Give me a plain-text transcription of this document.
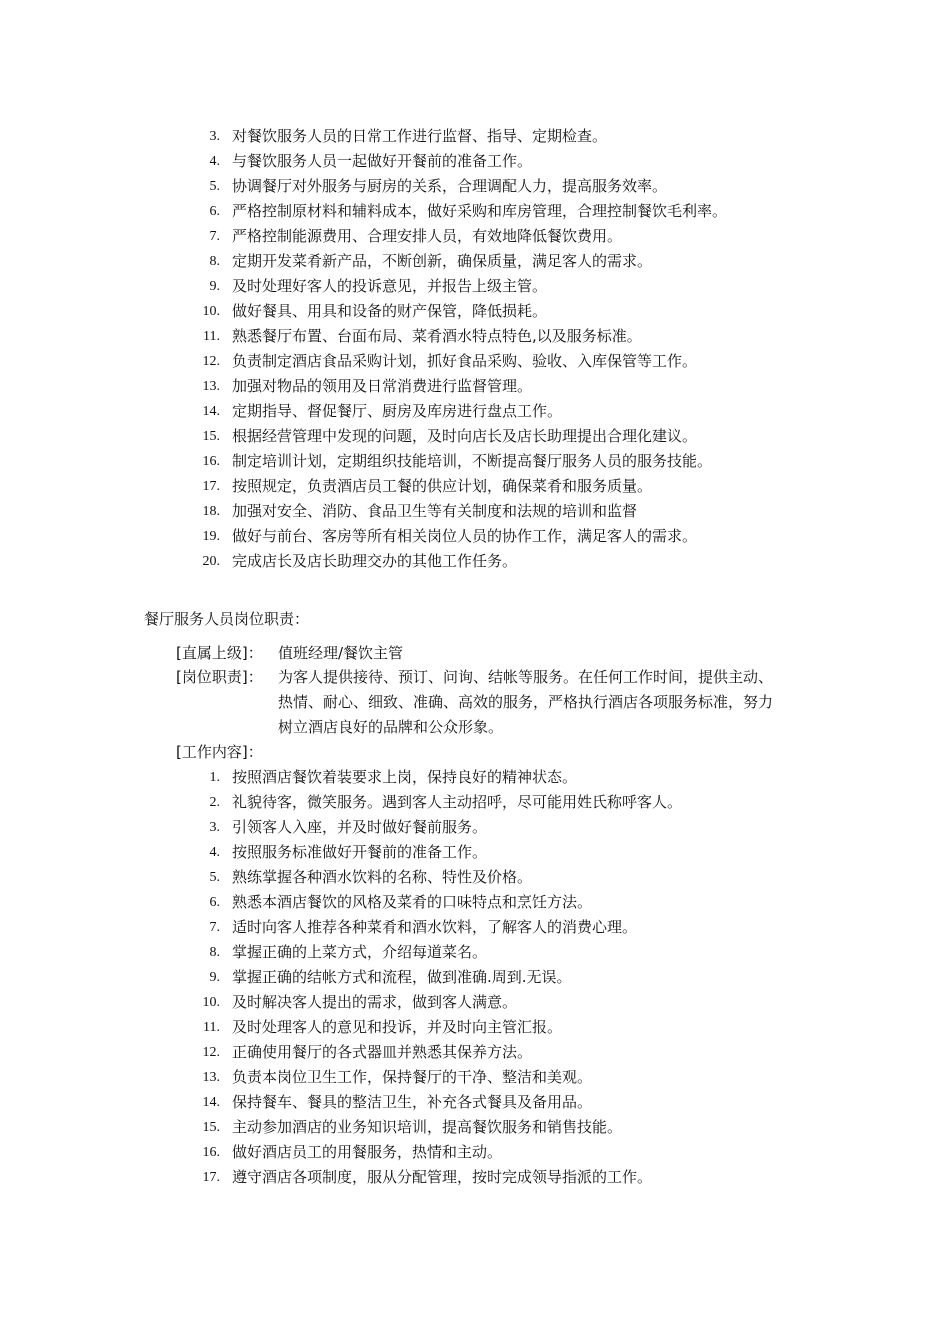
3. 对餐饮服务人员的日常工作进行监督、指导、定期检查。
4. 与餐饮服务人员一起做好开餐前的准备工作。
5. 协调餐厅对外服务与厨房的关系，合理调配人力，提高服务效率。
6. 严格控制原材料和辅料成本，做好采购和库房管理，合理控制餐饮毛利率。
7. 严格控制能源费用、合理安排人员，有效地降低餐饮费用。
8. 定期开发菜肴新产品，不断创新，确保质量，满足客人的需求。
9. 及时处理好客人的投诉意见，并报告上级主管。
10. 做好餐具、用具和设备的财产保管，降低损耗。
11. 熟悉餐厅布置、台面布局、菜肴酒水特点特色,以及服务标准。
12. 负责制定酒店食品采购计划，抓好食品采购、验收、入库保管等工作。
13. 加强对物品的领用及日常消费进行监督管理。
14. 定期指导、督促餐厅、厨房及库房进行盘点工作。
15. 根据经营管理中发现的问题，及时向店长及店长助理提出合理化建议。
16. 制定培训计划，定期组织技能培训，不断提高餐厅服务人员的服务技能。
17. 按照规定，负责酒店员工餐的供应计划，确保菜肴和服务质量。
18. 加强对安全、消防、食品卫生等有关制度和法规的培训和监督
19. 做好与前台、客房等所有相关岗位人员的协作工作，满足客人的需求。
20. 完成店长及店长助理交办的其他工作任务。
餐厅服务人员岗位职责：
[直属上级]： 值班经理/餐饮主管
[岗位职责]： 为客人提供接待、预订、问询、结帐等服务。在任何工作时间，提供主动、
热情、耐心、细致、准确、高效的服务，严格执行酒店各项服务标准，努力
树立酒店良好的品牌和公众形象。
[工作内容]：
1. 按照酒店餐饮着装要求上岗，保持良好的精神状态。
2. 礼貌待客，微笑服务。遇到客人主动招呼，尽可能用姓氏称呼客人。
3. 引领客人入座，并及时做好餐前服务。
4. 按照服务标准做好开餐前的准备工作。
5. 熟练掌握各种酒水饮料的名称、特性及价格。
6. 熟悉本酒店餐饮的风格及菜肴的口味特点和烹饪方法。
7. 适时向客人推荐各种菜肴和酒水饮料，了解客人的消费心理。
8. 掌握正确的上菜方式，介绍每道菜名。
9. 掌握正确的结帐方式和流程，做到准确.周到.无误。
10. 及时解决客人提出的需求，做到客人满意。
11. 及时处理客人的意见和投诉，并及时向主管汇报。
12. 正确使用餐厅的各式器皿并熟悉其保养方法。
13. 负责本岗位卫生工作，保持餐厅的干净、整洁和美观。
14. 保持餐车、餐具的整洁卫生，补充各式餐具及备用品。
15. 主动参加酒店的业务知识培训，提高餐饮服务和销售技能。
16. 做好酒店员工的用餐服务，热情和主动。
17. 遵守酒店各项制度，服从分配管理，按时完成领导指派的工作。
